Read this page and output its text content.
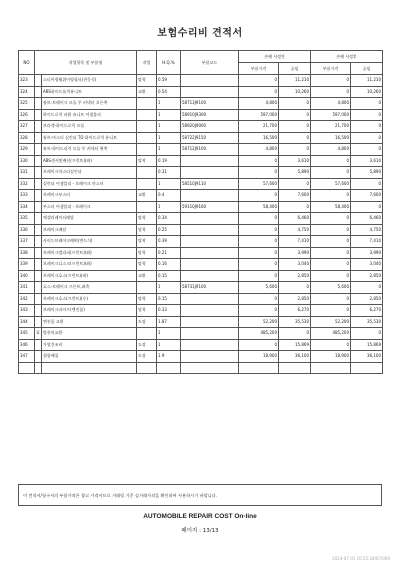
보험수리비 견적서
NO	작업항목 및 부품명		작업	H.Q.%	부품코드	손해 사정전		손해 사정후	
						부품가격	공임	부품가격	공임
323		스티어링휠위어링필터(전동식)	탈착	0.59		0	11,210	0	11,210
324		ABS하이드롤릭유니트	교환	0.54		0	10,260	0	10,260
325		튜브-브레이크 모듈 투 커넥터 오른쪽		1	58713J9100	4,800	0	4,800	0
326		하이드로릭 파워 유니트 어셈블리		1	58910J9300	597,000	0	597,000	0
327		브라켓-하이드로릭 모듈		1	58920J9000	21,700	0	21,700	0
328		튜브-마스터 실린더 TO 하이드로릭 유니트		1	58722J9150	16,500	0	16,500	0
329		튜브-하이드리릭 모듈 투 커넥터 왼쪽		1	58712J9100	4,800	0	4,800	0
330		ABS센서및배선(프런트)(좌)	탈착	0.19		0	3,610	0	3,610
331		브레이크마스터실린더		0.31		0	5,890	0	5,890
332		실린더 어셈블리 - 브레이크 마스터		1	58510J9110	57,600	0	57,600	0
333		브레이크부스터	교환	0.4		0	7,600	0	7,600
334		부스터 어셈블리 - 브레이크		1	59110J9160	58,400	0	58,400	0
335		액셀러레이터페달	탈착	0.34		0	6,460	0	6,460
336		브레이크페달	탈착	0.25		0	4,750	0	4,750
337		사이드브레이크레버(변드식)	탈착	0.39		0	7,410	0	7,410
338		브레이크캘리퍼(프런트)(좌)	탈착	0.21		0	3,990	0	3,990
339		브레이크디스크(프런트)(좌)	탈착	0.16		0	3,040	0	3,040
340		브레이크호스(프런트)(좌)	교환	0.15		0	2,850	0	2,850
341		호스-브레이크 프론트,좌측		1	58731J9100	5,600	0	5,600	0
342		브레이크호스(프런트)(우)	탈착	0.15		0	2,850	0	2,850
343		브레이크파이프(엔진룸)	탈착	0.33		0	6,270	0	6,270
344		엔진룸 교환	도장	1.87		52,200	35,530	52,200	35,530
345	U	방풍의교환		1		485,200	0	485,200	0
346		가열건조비	도장	1		0	15,869	0	15,869
347		접합배설	도장	1.9		18,900	36,100	18,900	36,100

이 견적서/청구서의 부품가격은 참고 가격이므로 거래될 기준 실거래가격을 확인하여 사용하시기 바랍니다.
AUTOMOBILE REPAIR COST On-line
페이지 : 13/13
2024-07-01 10:25:34/07/000
